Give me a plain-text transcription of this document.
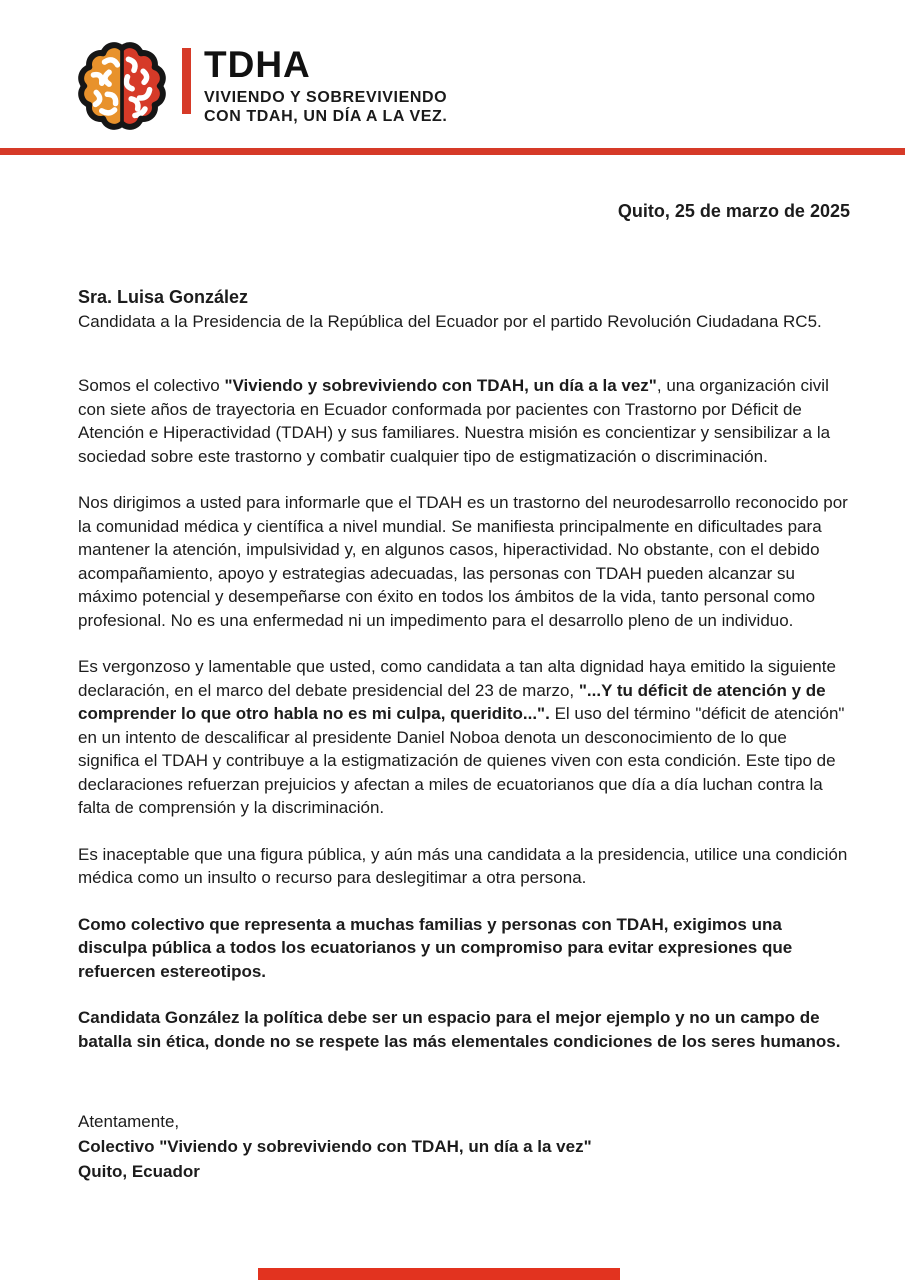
TDHA
VIVIENDO Y SOBREVIVIENDO
CON TDAH, UN DÍA A LA VEZ.
Quito, 25 de marzo de 2025
Sra. Luisa González
Candidata a la Presidencia de la República del Ecuador por el partido Revolución Ciudadana RC5.

Somos el colectivo "Viviendo y sobreviviendo con TDAH, un día a la vez", una organización civil con siete años de trayectoria en Ecuador conformada por pacientes con Trastorno por Déficit de Atención e Hiperactividad (TDAH) y sus familiares. Nuestra misión es concientizar y sensibilizar a la sociedad sobre este trastorno y combatir cualquier tipo de estigmatización o discriminación.

Nos dirigimos a usted para informarle que el TDAH es un trastorno del neurodesarrollo reconocido por la comunidad médica y científica a nivel mundial. Se manifiesta principalmente en dificultades para mantener la atención, impulsividad y, en algunos casos, hiperactividad. No obstante, con el debido acompañamiento, apoyo y estrategias adecuadas, las personas con TDAH pueden alcanzar su máximo potencial y desempeñarse con éxito en todos los ámbitos de la vida, tanto personal como profesional. No es una enfermedad ni un impedimento para el desarrollo pleno de un individuo.

Es vergonzoso y lamentable que usted, como candidata a tan alta dignidad haya emitido la siguiente declaración, en el marco del debate presidencial del 23 de marzo, "...Y tu déficit de atención y de comprender lo que otro habla no es mi culpa, queridito...". El uso del término "déficit de atención" en un intento de descalificar al presidente Daniel Noboa denota un desconocimiento de lo que significa el TDAH y contribuye a la estigmatización de quienes viven con esta condición. Este tipo de declaraciones refuerzan prejuicios y afectan a miles de ecuatorianos que día a día luchan contra la falta de comprensión y la discriminación.

Es inaceptable que una figura pública, y aún más una candidata a la presidencia, utilice una condición médica como un insulto o recurso para deslegitimar a otra persona.

Como colectivo que representa a muchas familias y personas con TDAH, exigimos una disculpa pública a todos los ecuatorianos y un compromiso para evitar expresiones que refuercen estereotipos.

Candidata González la política debe ser un espacio para el mejor ejemplo y no un campo de batalla sin ética, donde no se respete las más elementales condiciones de los seres humanos.

Atentamente,
Colectivo "Viviendo y sobreviviendo con TDAH, un día a la vez"
Quito, Ecuador
